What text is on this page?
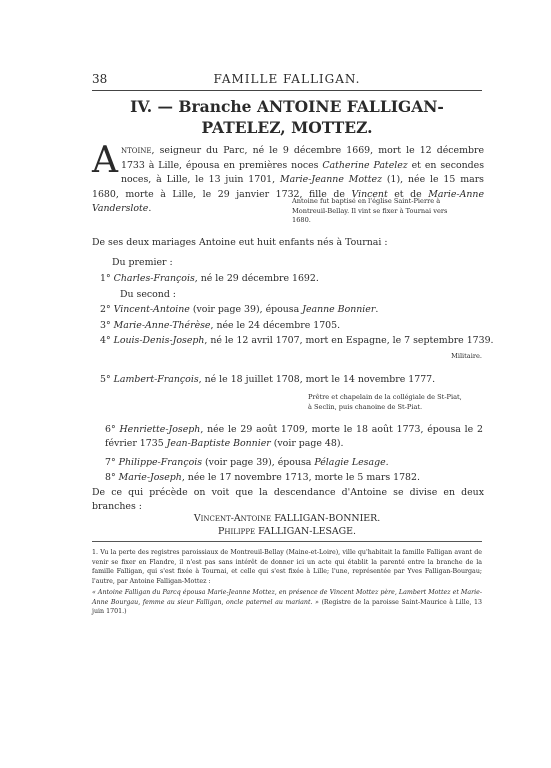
38	FAMILLE FALLIGAN.
IV. — Branche ANTOINE FALLIGAN-
PATELEZ, MOTTEZ.
Antoine, seigneur du Parc, né le 9 décembre 1669, mort le 12 décembre 1733 à Lille, épousa en premières noces Catherine Patelez et en secondes noces, à Lille, le 13 juin 1701, Marie-Jeanne Mottez (1), née le 15 mars 1680, morte à Lille, le 29 janvier 1732, fille de Vincent et de Marie-Anne Vanderslote.
Antoine fut baptisé en l'église Saint-Pierre à
Montreuil-Bellay. Il vint se fixer à Tournai vers
1680.
De ses deux mariages Antoine eut huit enfants nés à Tournai :
Du premier :
1° Charles-François, né le 29 décembre 1692.
Du second :
2° Vincent-Antoine (voir page 39), épousa Jeanne Bonnier.
3° Marie-Anne-Thérèse, née le 24 décembre 1705.
4° Louis-Denis-Joseph, né le 12 avril 1707, mort en Espagne, le 7 septembre 1739.
Militaire.
5° Lambert-François, né le 18 juillet 1708, mort le 14 novembre 1777.
Prêtre et chapelain de la collégiale de St-Piat,
à Seclin, puis chanoine de St-Piat.
6° Henriette-Joseph, née le 29 août 1709, morte le 18 août 1773, épousa le 2 février 1735 Jean-Baptiste Bonnier (voir page 48).
7° Philippe-François (voir page 39), épousa Pélagie Lesage.
8° Marie-Joseph, née le 17 novembre 1713, morte le 5 mars 1782.
De ce qui précède on voit que la descendance d'Antoine se divise en deux branches :
Vincent-Antoine FALLIGAN-BONNIER.
Philippe FALLIGAN-LESAGE.
1. Vu la perte des registres paroissiaux de Montreuil-Bellay (Maine-et-Loire), ville qu'habitait la famille Falligan avant de venir se fixer en Flandre, il n'est pas sans intérêt de donner ici un acte qui établit la parenté entre la branche de la famille Falligan, qui s'est fixée à Tournai, et celle qui s'est fixée à Lille; l'une, représentée par Yves Falligan-Bourgau; l'autre, par Antoine Falligan-Mottez :
« Antoine Falligan du Parcq épousa Marie-Jeanne Mottez, en présence de Vincent Mottez père, Lambert Mottez et Marie-Anne Bourgau, femme au sieur Falligan, oncle paternel au mariant. » (Registre de la paroisse Saint-Maurice à Lille, 13 juin 1701.)
